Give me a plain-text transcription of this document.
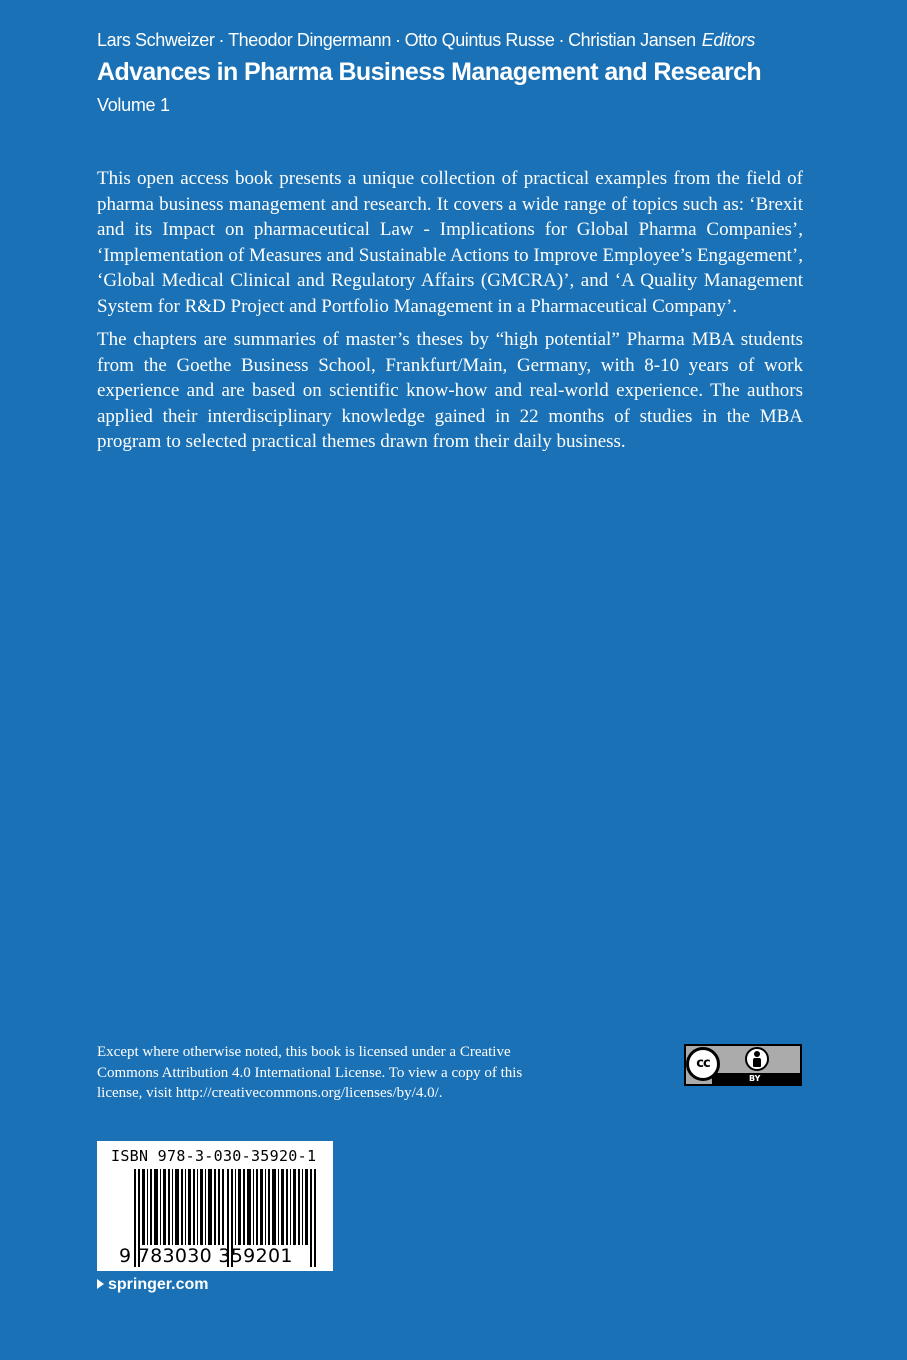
Lars Schweizer · Theodor Dingermann · Otto Quintus Russe · Christian Jansen Editors
Advances in Pharma Business Management and Research
Volume 1

This open access book presents a unique collection of practical examples from the field of pharma business management and research. It covers a wide range of topics such as: ‘Brexit and its Impact on pharmaceutical Law - Implications for Global Pharma Companies’, ‘Implementation of Measures and Sustainable Actions to Improve Employee’s Engagement’, ‘Global Medical Clinical and Regulatory Affairs (GMCRA)’, and ‘A Quality Management System for R&D Project and Portfolio Management in a Pharmaceutical Company’.

The chapters are summaries of master’s theses by “high potential” Pharma MBA students from the Goethe Business School, Frankfurt/Main, Germany, with 8-10 years of work experience and are based on scientific know-how and real-world experience. The authors applied their interdisciplinary knowledge gained in 22 months of studies in the MBA program to selected practical themes drawn from their daily business.

Except where otherwise noted, this book is licensed under a Creative Commons Attribution 4.0 International License. To view a copy of this license, visit http://creativecommons.org/licenses/by/4.0/.
cc
BY
ISBN 978-3-030-35920-1
9 783030 359201
springer.com
